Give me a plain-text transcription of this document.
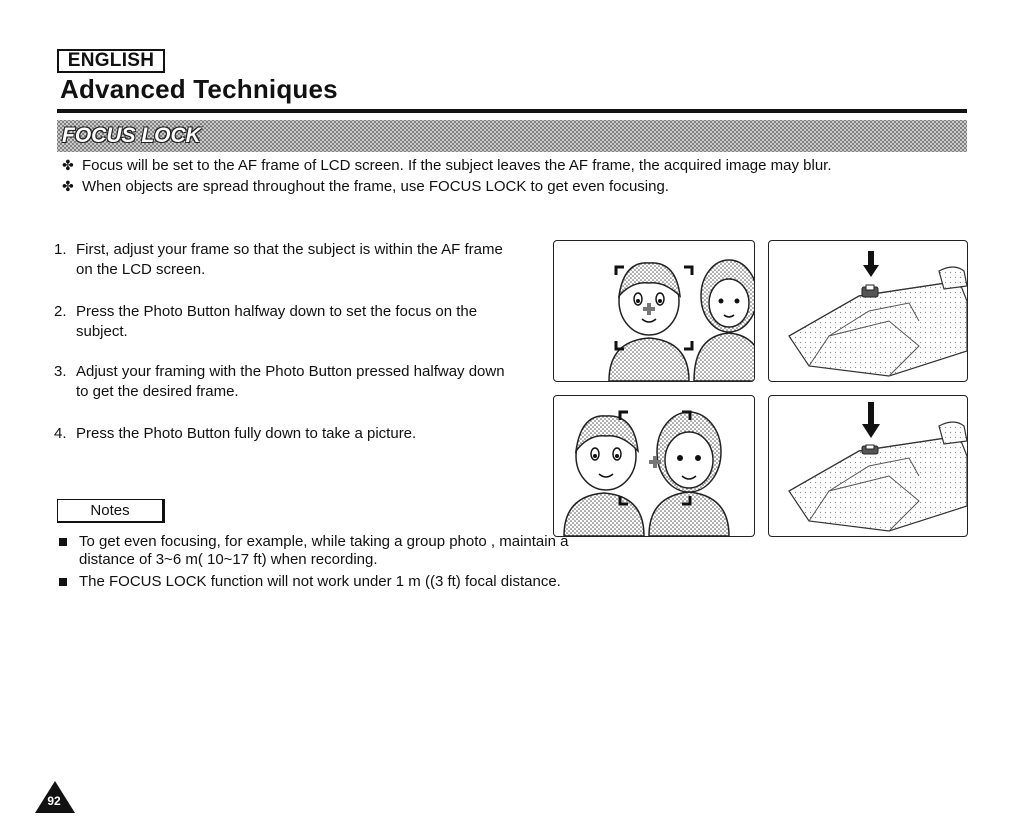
ENGLISH
Advanced Techniques
FOCUS LOCK
✤ Focus will be set to the AF frame of LCD screen. If the subject leaves the AF frame, the acquired image may blur.
✤ When objects are spread throughout the frame, use FOCUS LOCK to get even focusing.
1. First, adjust your frame so that the subject is within the AF frame on the LCD screen.
2. Press the Photo Button halfway down to set the focus on the subject.
3. Adjust your framing with the Photo Button pressed halfway down to get the desired frame.
4. Press the Photo Button fully down to take a picture.
Notes
To get even focusing, for example, while taking a group photo , maintain a distance of 3~6 m( 10~17 ft) when recording.
The FOCUS LOCK function will not work under 1 m ((3 ft) focal distance.
92
